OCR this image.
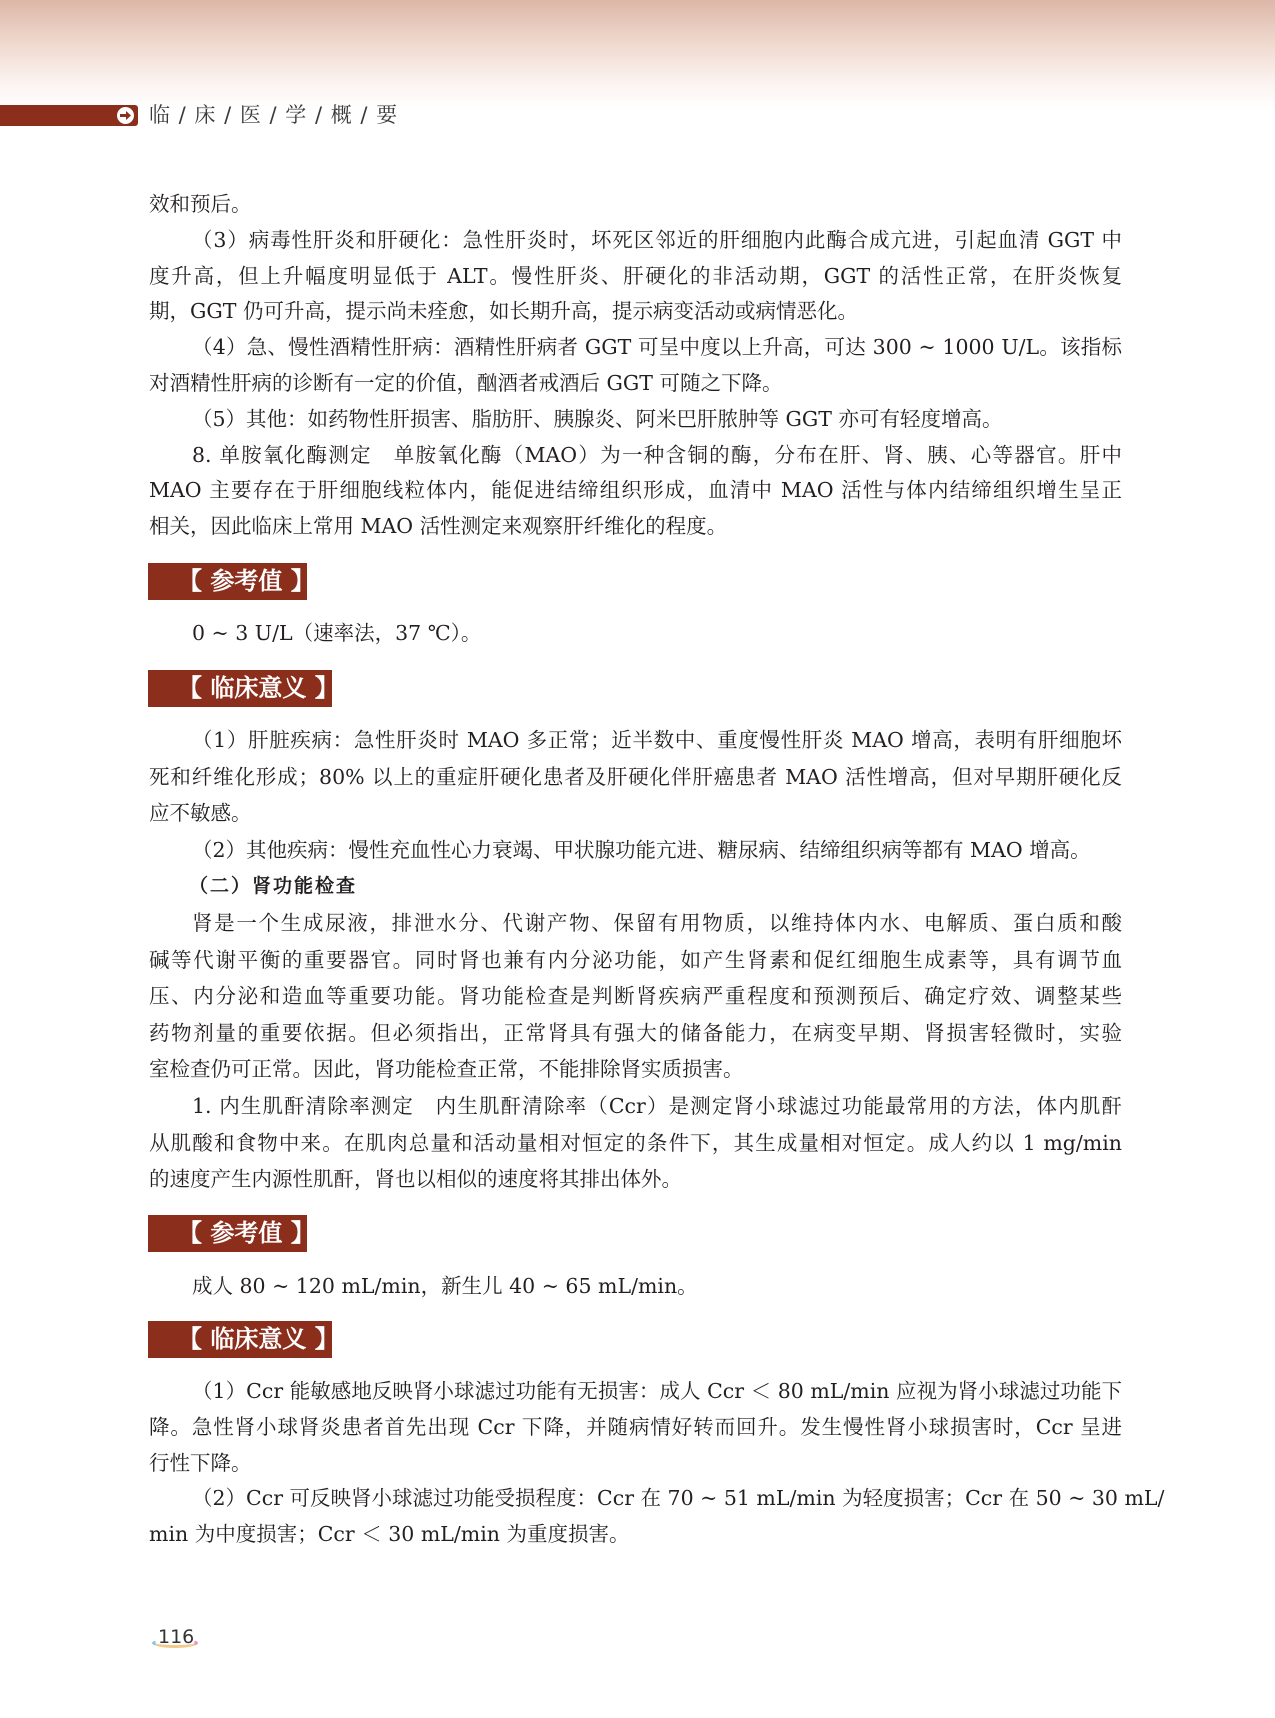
临 / 床 / 医 / 学 / 概 / 要
效和预后。
（3）病毒性肝炎和肝硬化：急性肝炎时，坏死区邻近的肝细胞内此酶合成亢进，引起血清 GGT 中
度升高，但上升幅度明显低于 ALT。慢性肝炎、肝硬化的非活动期，GGT 的活性正常，在肝炎恢复
期，GGT 仍可升高，提示尚未痊愈，如长期升高，提示病变活动或病情恶化。
（4）急、慢性酒精性肝病：酒精性肝病者 GGT 可呈中度以上升高，可达 300 ~ 1000 U/L。该指标
对酒精性肝病的诊断有一定的价值，酗酒者戒酒后 GGT 可随之下降。
（5）其他：如药物性肝损害、脂肪肝、胰腺炎、阿米巴肝脓肿等 GGT 亦可有轻度增高。
8. 单胺氧化酶测定　单胺氧化酶（MAO）为一种含铜的酶，分布在肝、肾、胰、心等器官。肝中
MAO 主要存在于肝细胞线粒体内，能促进结缔组织形成，血清中 MAO 活性与体内结缔组织增生呈正
相关，因此临床上常用 MAO 活性测定来观察肝纤维化的程度。
【 参考值 】
0 ~ 3 U/L（速率法，37 ℃）。
【 临床意义 】
（1）肝脏疾病：急性肝炎时 MAO 多正常；近半数中、重度慢性肝炎 MAO 增高，表明有肝细胞坏
死和纤维化形成；80% 以上的重症肝硬化患者及肝硬化伴肝癌患者 MAO 活性增高，但对早期肝硬化反
应不敏感。
（2）其他疾病：慢性充血性心力衰竭、甲状腺功能亢进、糖尿病、结缔组织病等都有 MAO 增高。
（二）肾功能检查
肾是一个生成尿液，排泄水分、代谢产物、保留有用物质，以维持体内水、电解质、蛋白质和酸
碱等代谢平衡的重要器官。同时肾也兼有内分泌功能，如产生肾素和促红细胞生成素等，具有调节血
压、内分泌和造血等重要功能。肾功能检查是判断肾疾病严重程度和预测预后、确定疗效、调整某些
药物剂量的重要依据。但必须指出，正常肾具有强大的储备能力，在病变早期、肾损害轻微时，实验
室检查仍可正常。因此，肾功能检查正常，不能排除肾实质损害。
1. 内生肌酐清除率测定　内生肌酐清除率（Ccr）是测定肾小球滤过功能最常用的方法，体内肌酐
从肌酸和食物中来。在肌肉总量和活动量相对恒定的条件下，其生成量相对恒定。成人约以 1 mg/min
的速度产生内源性肌酐，肾也以相似的速度将其排出体外。
【 参考值 】
成人 80 ~ 120 mL/min，新生儿 40 ~ 65 mL/min。
【 临床意义 】
（1）Ccr 能敏感地反映肾小球滤过功能有无损害：成人 Ccr ＜ 80 mL/min 应视为肾小球滤过功能下
降。急性肾小球肾炎患者首先出现 Ccr 下降，并随病情好转而回升。发生慢性肾小球损害时，Ccr 呈进
行性下降。
（2）Ccr 可反映肾小球滤过功能受损程度：Ccr 在 70 ~ 51 mL/min 为轻度损害；Ccr 在 50 ~ 30 mL/
min 为中度损害；Ccr ＜ 30 mL/min 为重度损害。
116
